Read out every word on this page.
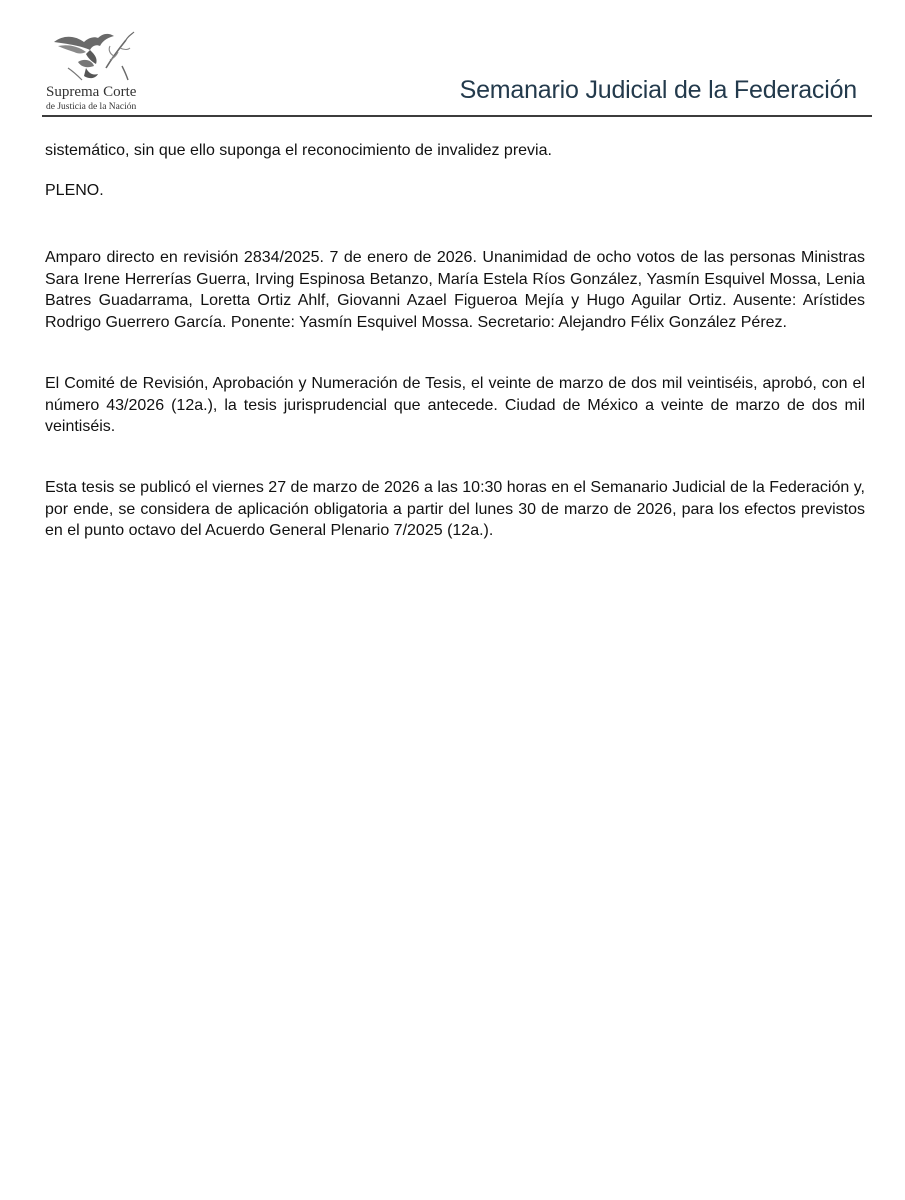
Suprema Corte
de Justicia de la Nación
Semanario Judicial de la Federación

sistemático, sin que ello suponga el reconocimiento de invalidez previa.

PLENO.

Amparo directo en revisión 2834/2025. 7 de enero de 2026. Unanimidad de ocho votos de las personas Ministras Sara Irene Herrerías Guerra, Irving Espinosa Betanzo, María Estela Ríos González, Yasmín Esquivel Mossa, Lenia Batres Guadarrama, Loretta Ortiz Ahlf, Giovanni Azael Figueroa Mejía y Hugo Aguilar Ortiz. Ausente: Arístides Rodrigo Guerrero García. Ponente: Yasmín Esquivel Mossa. Secretario: Alejandro Félix González Pérez.

El Comité de Revisión, Aprobación y Numeración de Tesis, el veinte de marzo de dos mil veintiséis, aprobó, con el número 43/2026 (12a.), la tesis jurisprudencial que antecede. Ciudad de México a veinte de marzo de dos mil veintiséis.

Esta tesis se publicó el viernes 27 de marzo de 2026 a las 10:30 horas en el Semanario Judicial de la Federación y, por ende, se considera de aplicación obligatoria a partir del lunes 30 de marzo de 2026, para los efectos previstos en el punto octavo del Acuerdo General Plenario 7/2025 (12a.).
